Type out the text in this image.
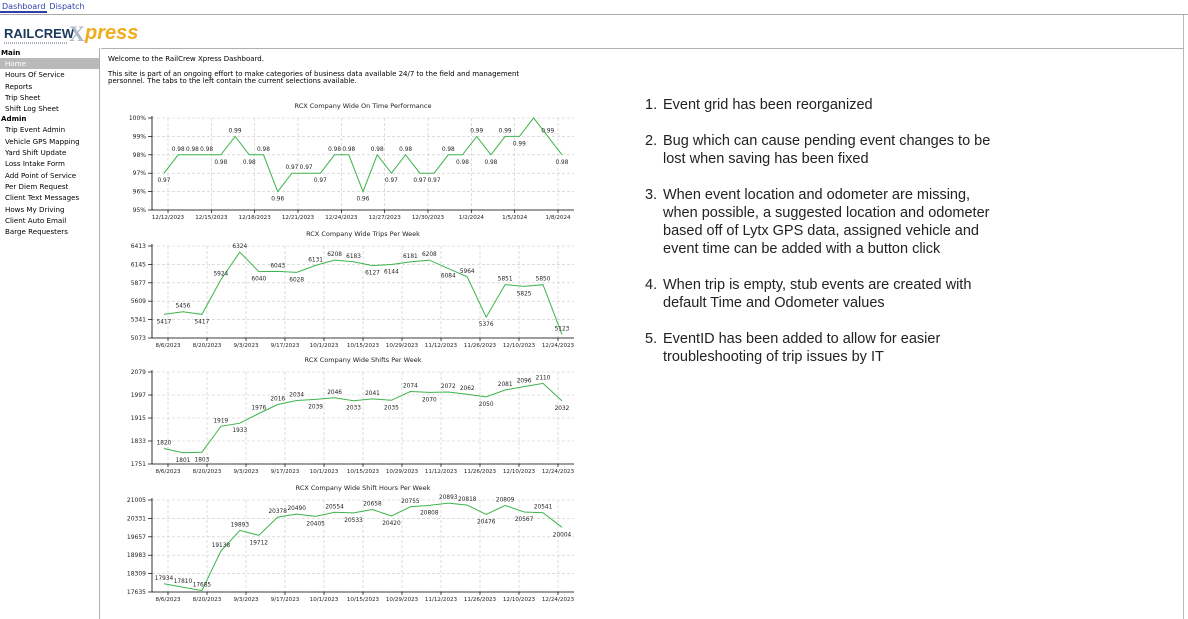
Dashboard Dispatch
RAILCREW
X press
Main
Home
Hours Of Service
Reports
Trip Sheet
Shift Log Sheet
Admin
Trip Event Admin
Vehicle GPS Mapping
Yard Shift Update
Loss Intake Form
Add Point of Service
Per Diem Request
Client Text Messages
Hows My Driving
Client Auto Email
Barge Requesters

Welcome to the RailCrew Xpress Dashboard.

This site is part of an ongoing effort to make categories of business data available 24/7 to the field and management personnel. The tabs to the left contain the current selections available.

RCX Company Wide On Time Performance
100%
99%
98%
97%
96%
95%
12/12/2023 12/15/2023 12/18/2023 12/21/2023 12/24/2023 12/27/2023 12/30/2023	1/2/2024	1/5/2024	1/8/2024
0.97
0.98 0.98 0.98
0.98
0.99
0.98
0.98
0.96
0.97 0.97
0.97
0.98 0.98
0.96
0.98
0.97
0.98
0.97 0.97
0.98
0.98
0.99
0.98
0.99
0.99
0.99
0.98
RCX Company Wide Trips Per Week
6413
6145
5877
5609
5341
5073
8/6/2023 8/20/2023 9/3/2023 9/17/2023 10/1/2023 10/15/2023 10/29/2023 11/12/2023 11/26/2023 12/10/2023 12/24/2023
5417
5456
5417
5924
6324
6040
6043
6028
6131
6208 6183
6127 6144
6181 6208
6084
5964
5376
5851
5825
5850
5123
RCX Company Wide Shifts Per Week
2079
1997
1915
1833
1751
8/6/2023 8/20/2023 9/3/2023 9/17/2023 10/1/2023 10/15/2023 10/29/2023 11/12/2023 11/26/2023 12/10/2023 12/24/2023
1820
1801 1803
1919
1933
1976
2016
2034
2039
2046
2033
2041
2035
2074
2070
2072 2062
2050
2081
2096
2110
2032
RCX Company Wide Shift Hours Per Week
21005
20331
19657
18983
18309
17635
8/6/2023 8/20/2023 9/3/2023 9/17/2023 10/1/2023 10/15/2023 10/29/2023 11/12/2023 11/26/2023 12/10/2023 12/24/2023
17934
17810
17685
19138
19893
19712
20378
20490
20405
20554
20533
20658
20420
20755
20808
20893 20818
20476
20809
20567
20541
20004
1. Event grid has been reorganized
2. Bug which can cause pending event changes to be lost when saving has been fixed
3. When event location and odometer are missing, when possible, a suggested location and odometer based off of Lytx GPS data, assigned vehicle and event time can be added with a button click
4. When trip is empty, stub events are created with default Time and Odometer values
5. EventID has been added to allow for easier troubleshooting of trip issues by IT
